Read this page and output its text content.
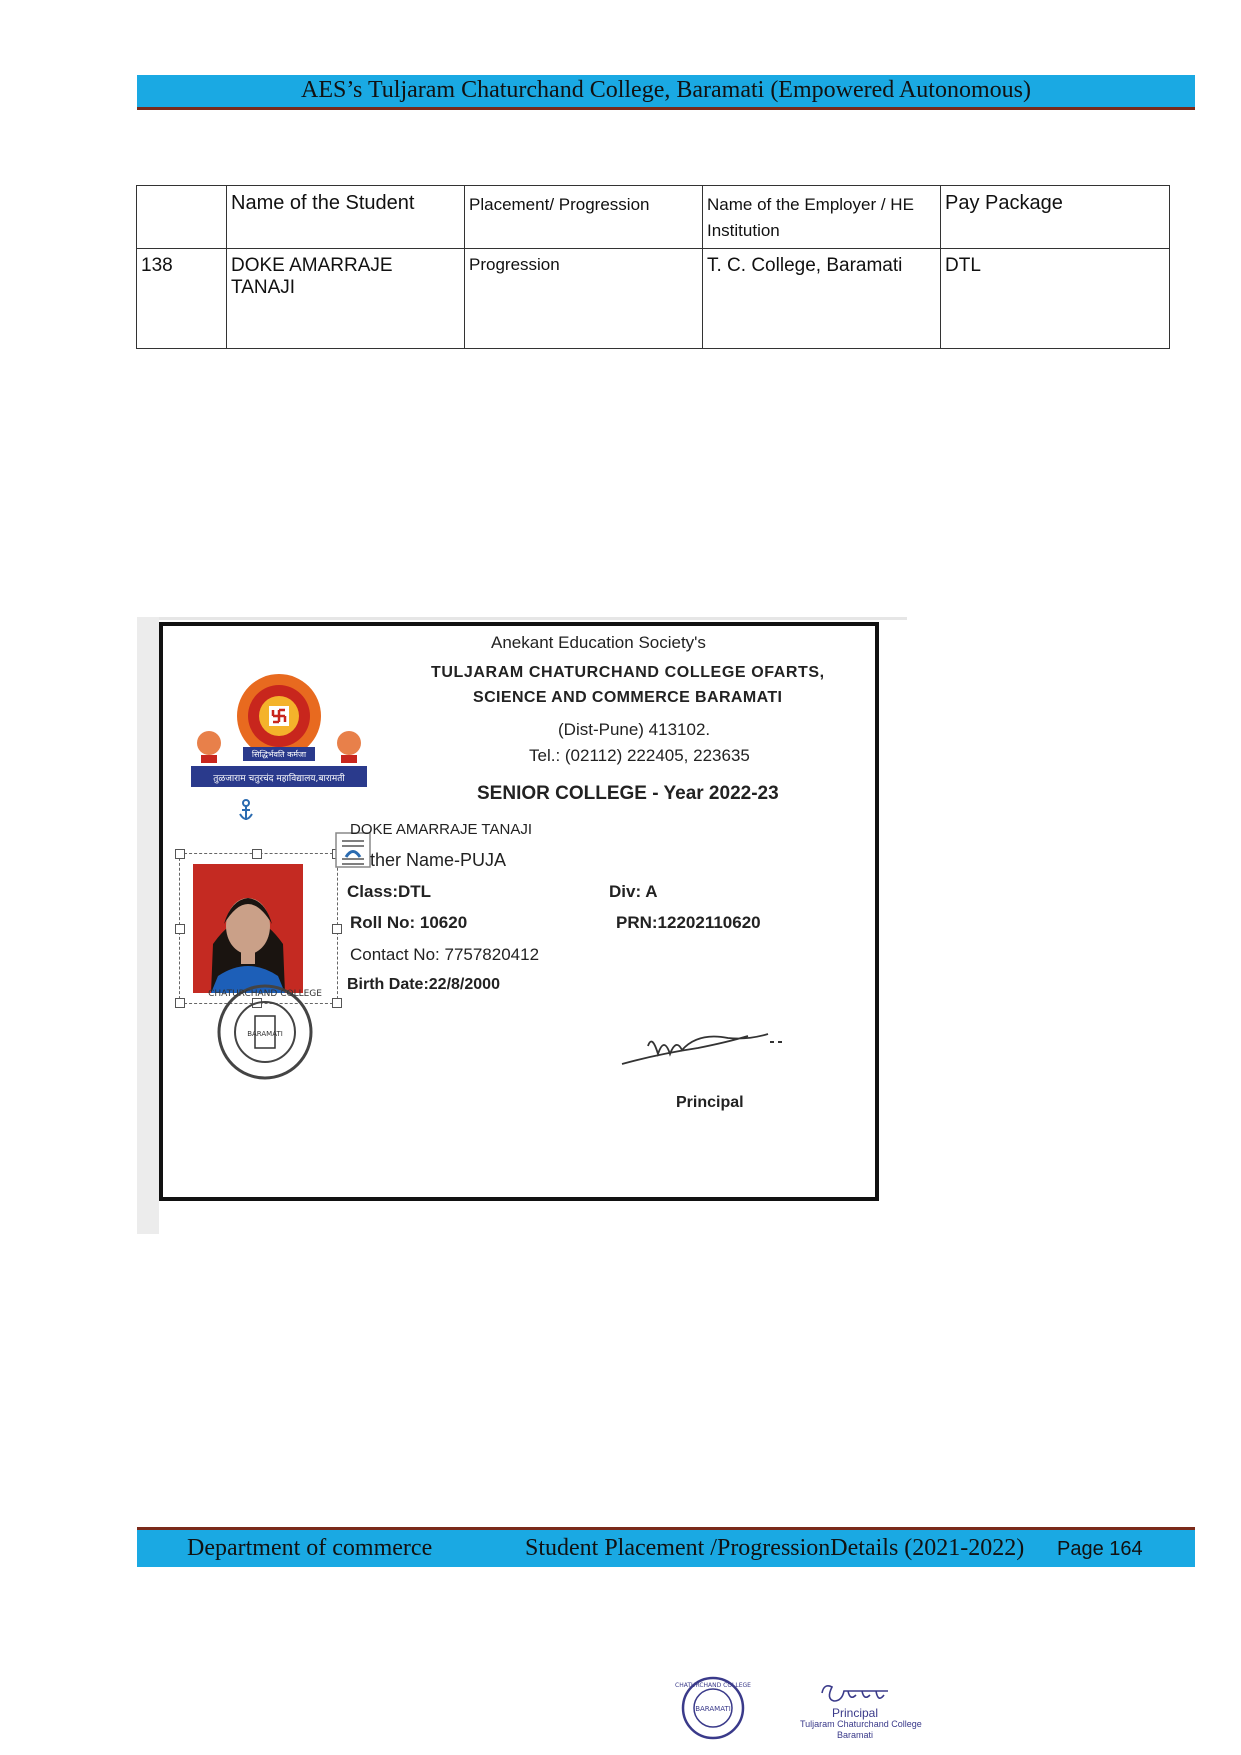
AES’s Tuljaram Chaturchand College, Baramati (Empowered Autonomous)
	Name of the Student	Placement/ Progression	Name of the Employer / HE Institution	Pay Package
138	DOKE AMARRAJE TANAJI	Progression	T. C. College, Baramati	DTL
Anekant Education Society's
TULJARAM CHATURCHAND COLLEGE OFARTS,
SCIENCE AND COMMERCE BARAMATI
(Dist-Pune) 413102.
Tel.: (02112) 222405, 223635
SENIOR COLLEGE - Year 2022-23
सिद्धिर्भवति कर्मजा
तुळजाराम चतुरचंद महाविद्यालय,बारामती
DOKE AMARRAJE TANAJI
ther Name-PUJA
Class:DTL	Div: A
Roll No: 10620	PRN:12202110620
Contact No: 7757820412
Birth Date:22/8/2000
CHATURCHAND COLLEGE
BARAMATI
Principal
Department of commerce	Student Placement /ProgressionDetails (2021-2022) Page 164
CHATURCHAND COLLEGE
BARAMATI	Principal
Tuljaram Chaturchand College
Baramati
